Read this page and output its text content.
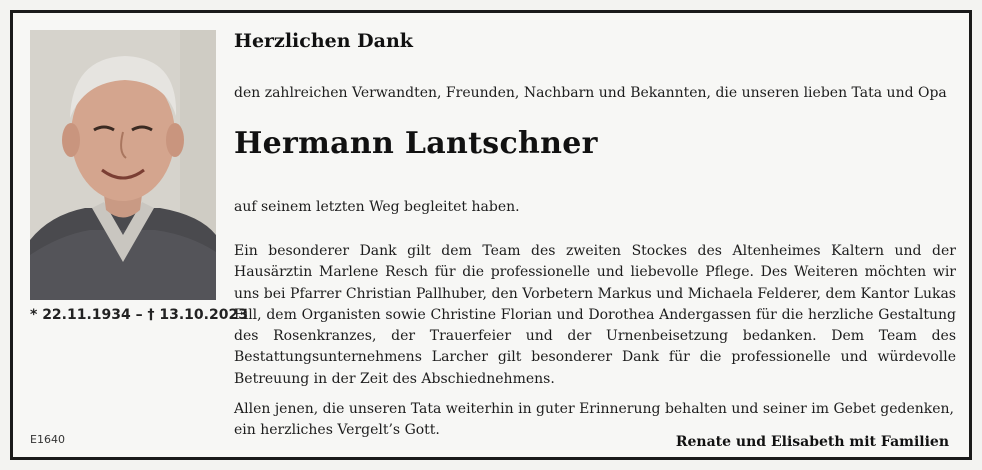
* 22.11.1934 – † 13.10.2023
E1640
Herzlichen Dank
den zahlreichen Verwandten, Freunden, Nachbarn und Bekannten, die unseren lieben Tata und Opa
Hermann Lantschner
auf seinem letzten Weg begleitet haben.

Ein besonderer Dank gilt dem Team des zweiten Stockes des Altenheimes Kaltern und der Hausärztin Marlene Resch für die professionelle und liebevolle Pflege. Des Weiteren möchten wir uns bei Pfarrer Christian Pallhuber, den Vorbetern Markus und Michaela Felderer, dem Kantor Lukas Fill, dem Organisten sowie Christine Florian und Dorothea Andergassen für die herzliche Gestaltung des Rosenkranzes, der Trauerfeier und der Urnenbeisetzung bedanken. Dem Team des Bestattungsunternehmens Larcher gilt besonderer Dank für die professionelle und würdevolle Betreuung in der Zeit des Abschiednehmens.

Allen jenen, die unseren Tata weiterhin in guter Erinnerung behalten und seiner im Gebet gedenken, ein herzliches Vergelt’s Gott.
Renate und Elisabeth mit Familien
